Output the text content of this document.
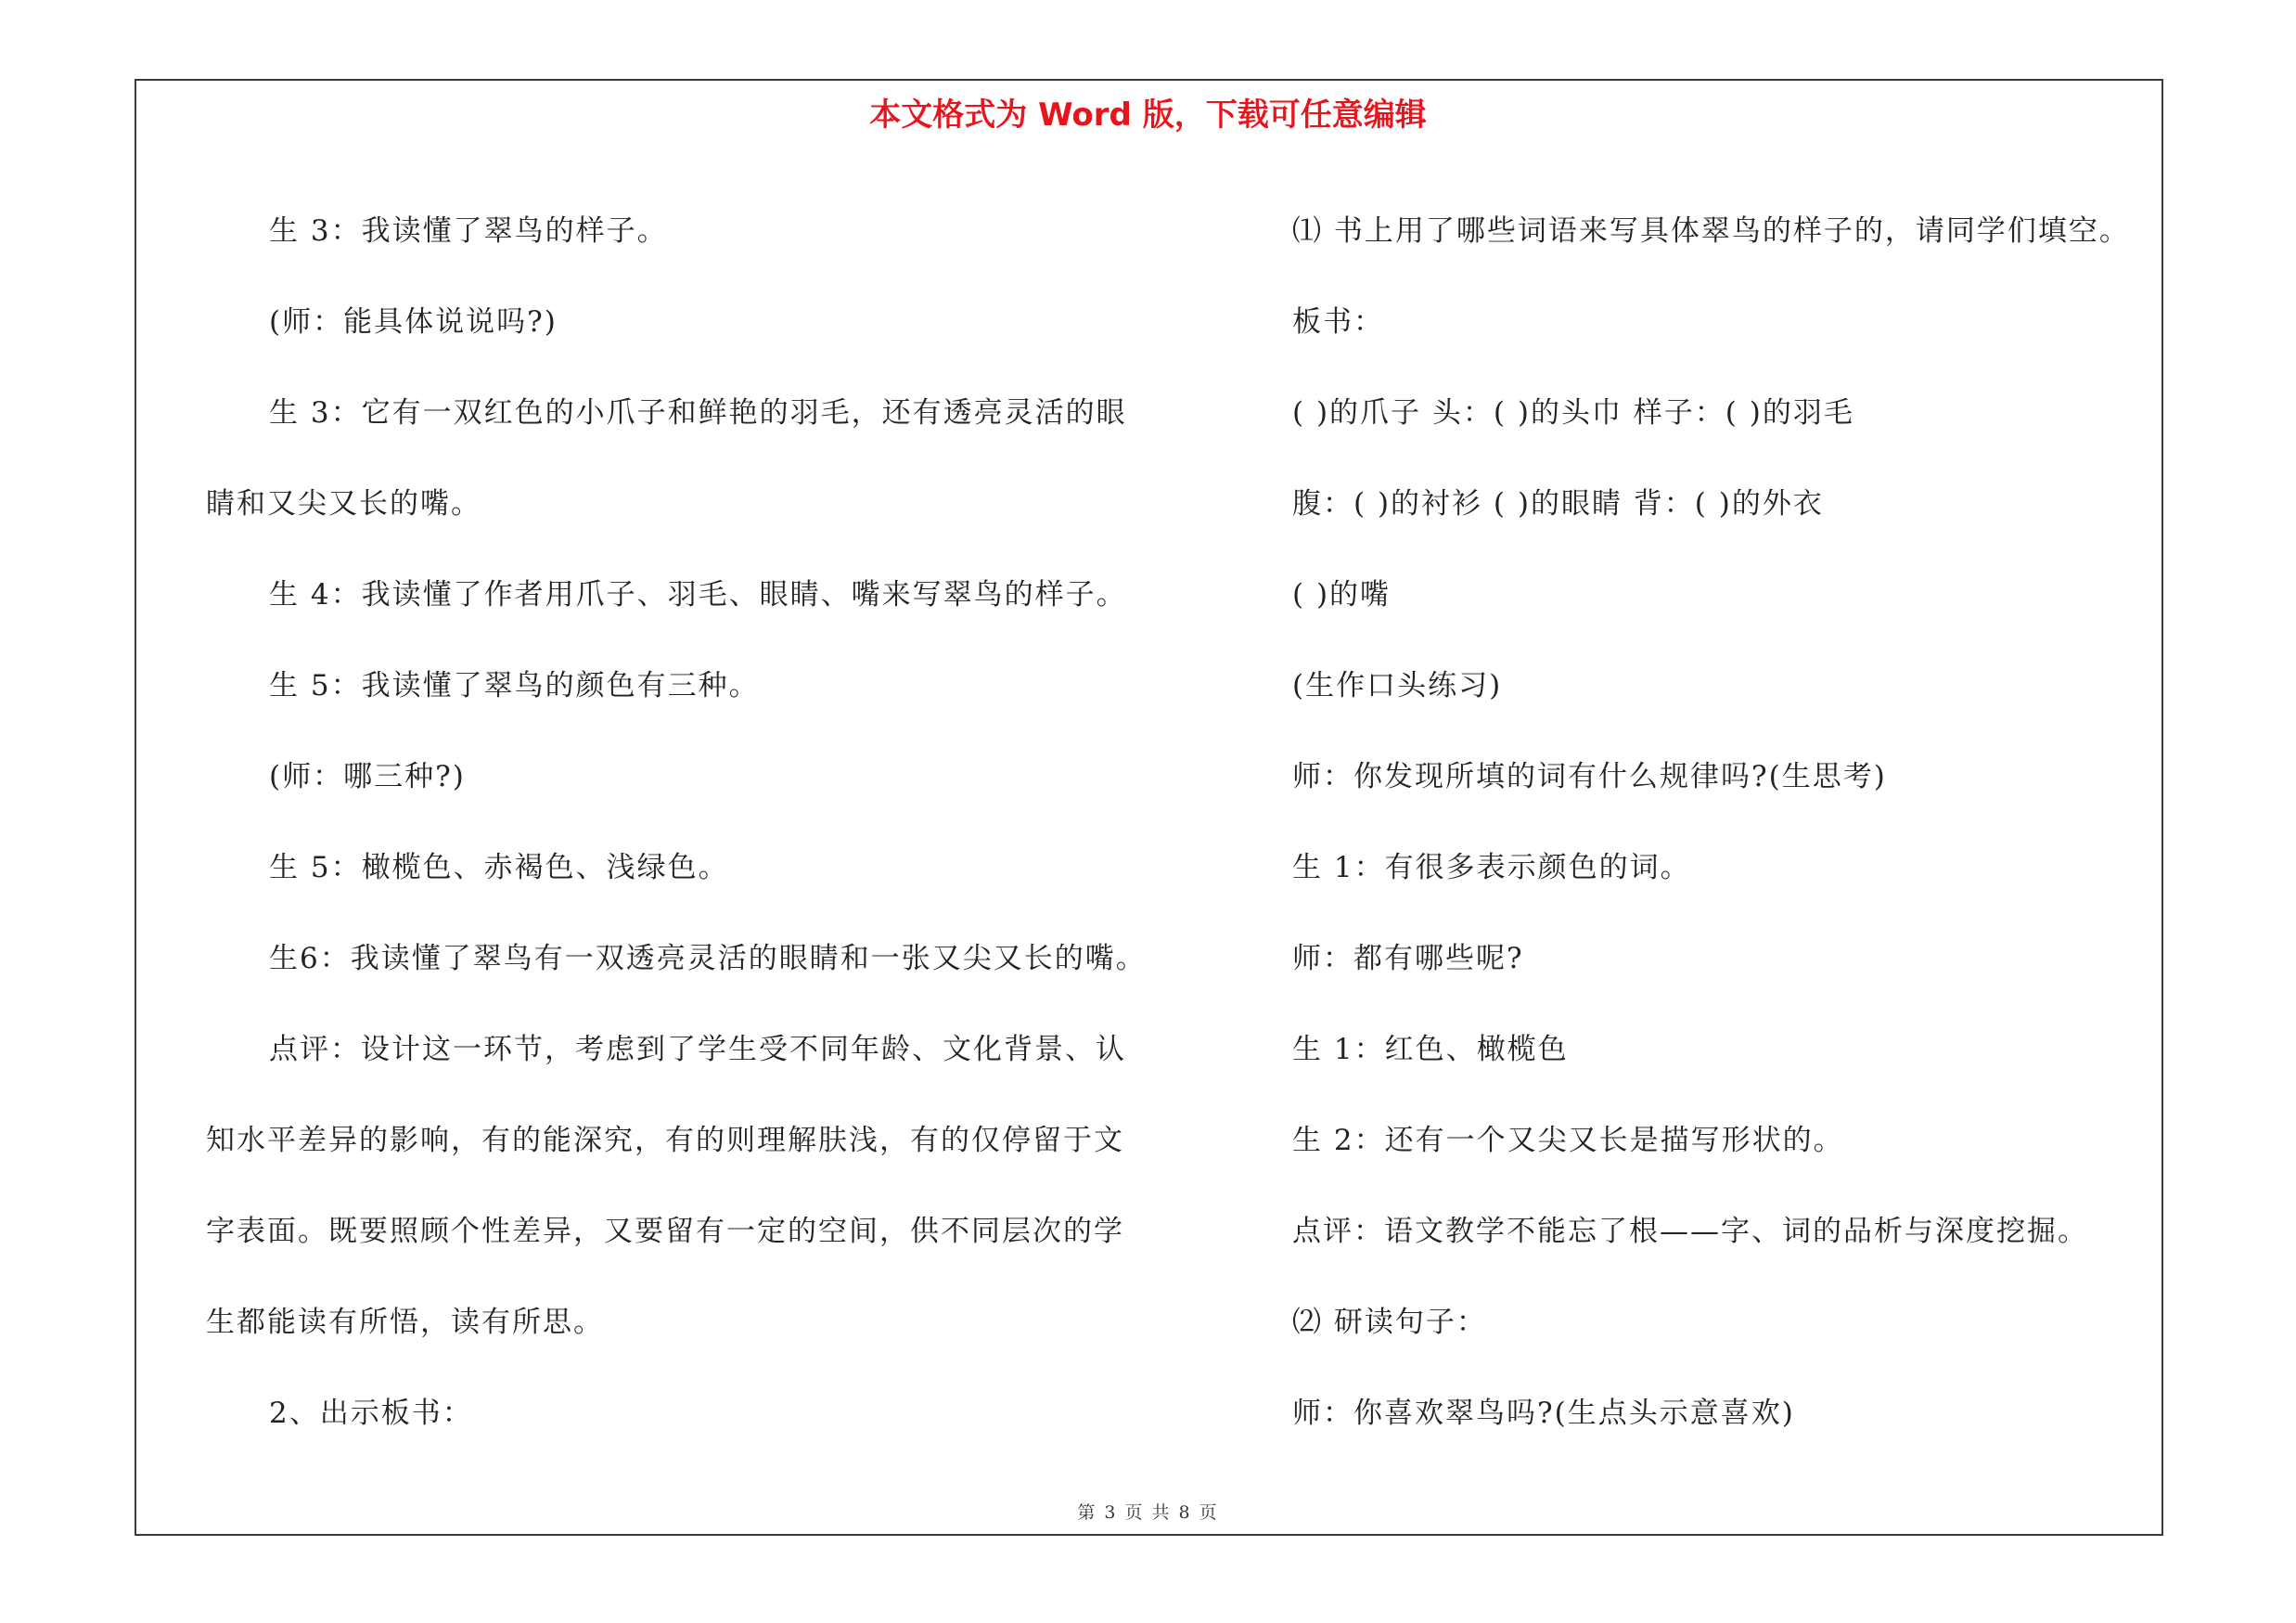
本文格式为 Word 版，下载可任意编辑
生 3：我读懂了翠鸟的样子。
(师：能具体说说吗?)
生 3：它有一双红色的小爪子和鲜艳的羽毛，还有透亮灵活的眼
睛和又尖又长的嘴。
生 4：我读懂了作者用爪子、羽毛、眼睛、嘴来写翠鸟的样子。
生 5：我读懂了翠鸟的颜色有三种。
(师：哪三种?)
生 5：橄榄色、赤褐色、浅绿色。
生6：我读懂了翠鸟有一双透亮灵活的眼睛和一张又尖又长的嘴。
点评：设计这一环节，考虑到了学生受不同年龄、文化背景、认
知水平差异的影响，有的能深究，有的则理解肤浅，有的仅停留于文
字表面。既要照顾个性差异，又要留有一定的空间，供不同层次的学
生都能读有所悟，读有所思。
2、出示板书：
⑴ 书上用了哪些词语来写具体翠鸟的样子的，请同学们填空。
板书：
( )的爪子 头：( )的头巾 样子：( )的羽毛
腹：( )的衬衫 ( )的眼睛 背：( )的外衣
( )的嘴
(生作口头练习)
师：你发现所填的词有什么规律吗?(生思考)
生 1：有很多表示颜色的词。
师：都有哪些呢?
生 1：红色、橄榄色
生 2：还有一个又尖又长是描写形状的。
点评：语文教学不能忘了根——字、词的品析与深度挖掘。
⑵ 研读句子：
师：你喜欢翠鸟吗?(生点头示意喜欢)
第 3 页 共 8 页
